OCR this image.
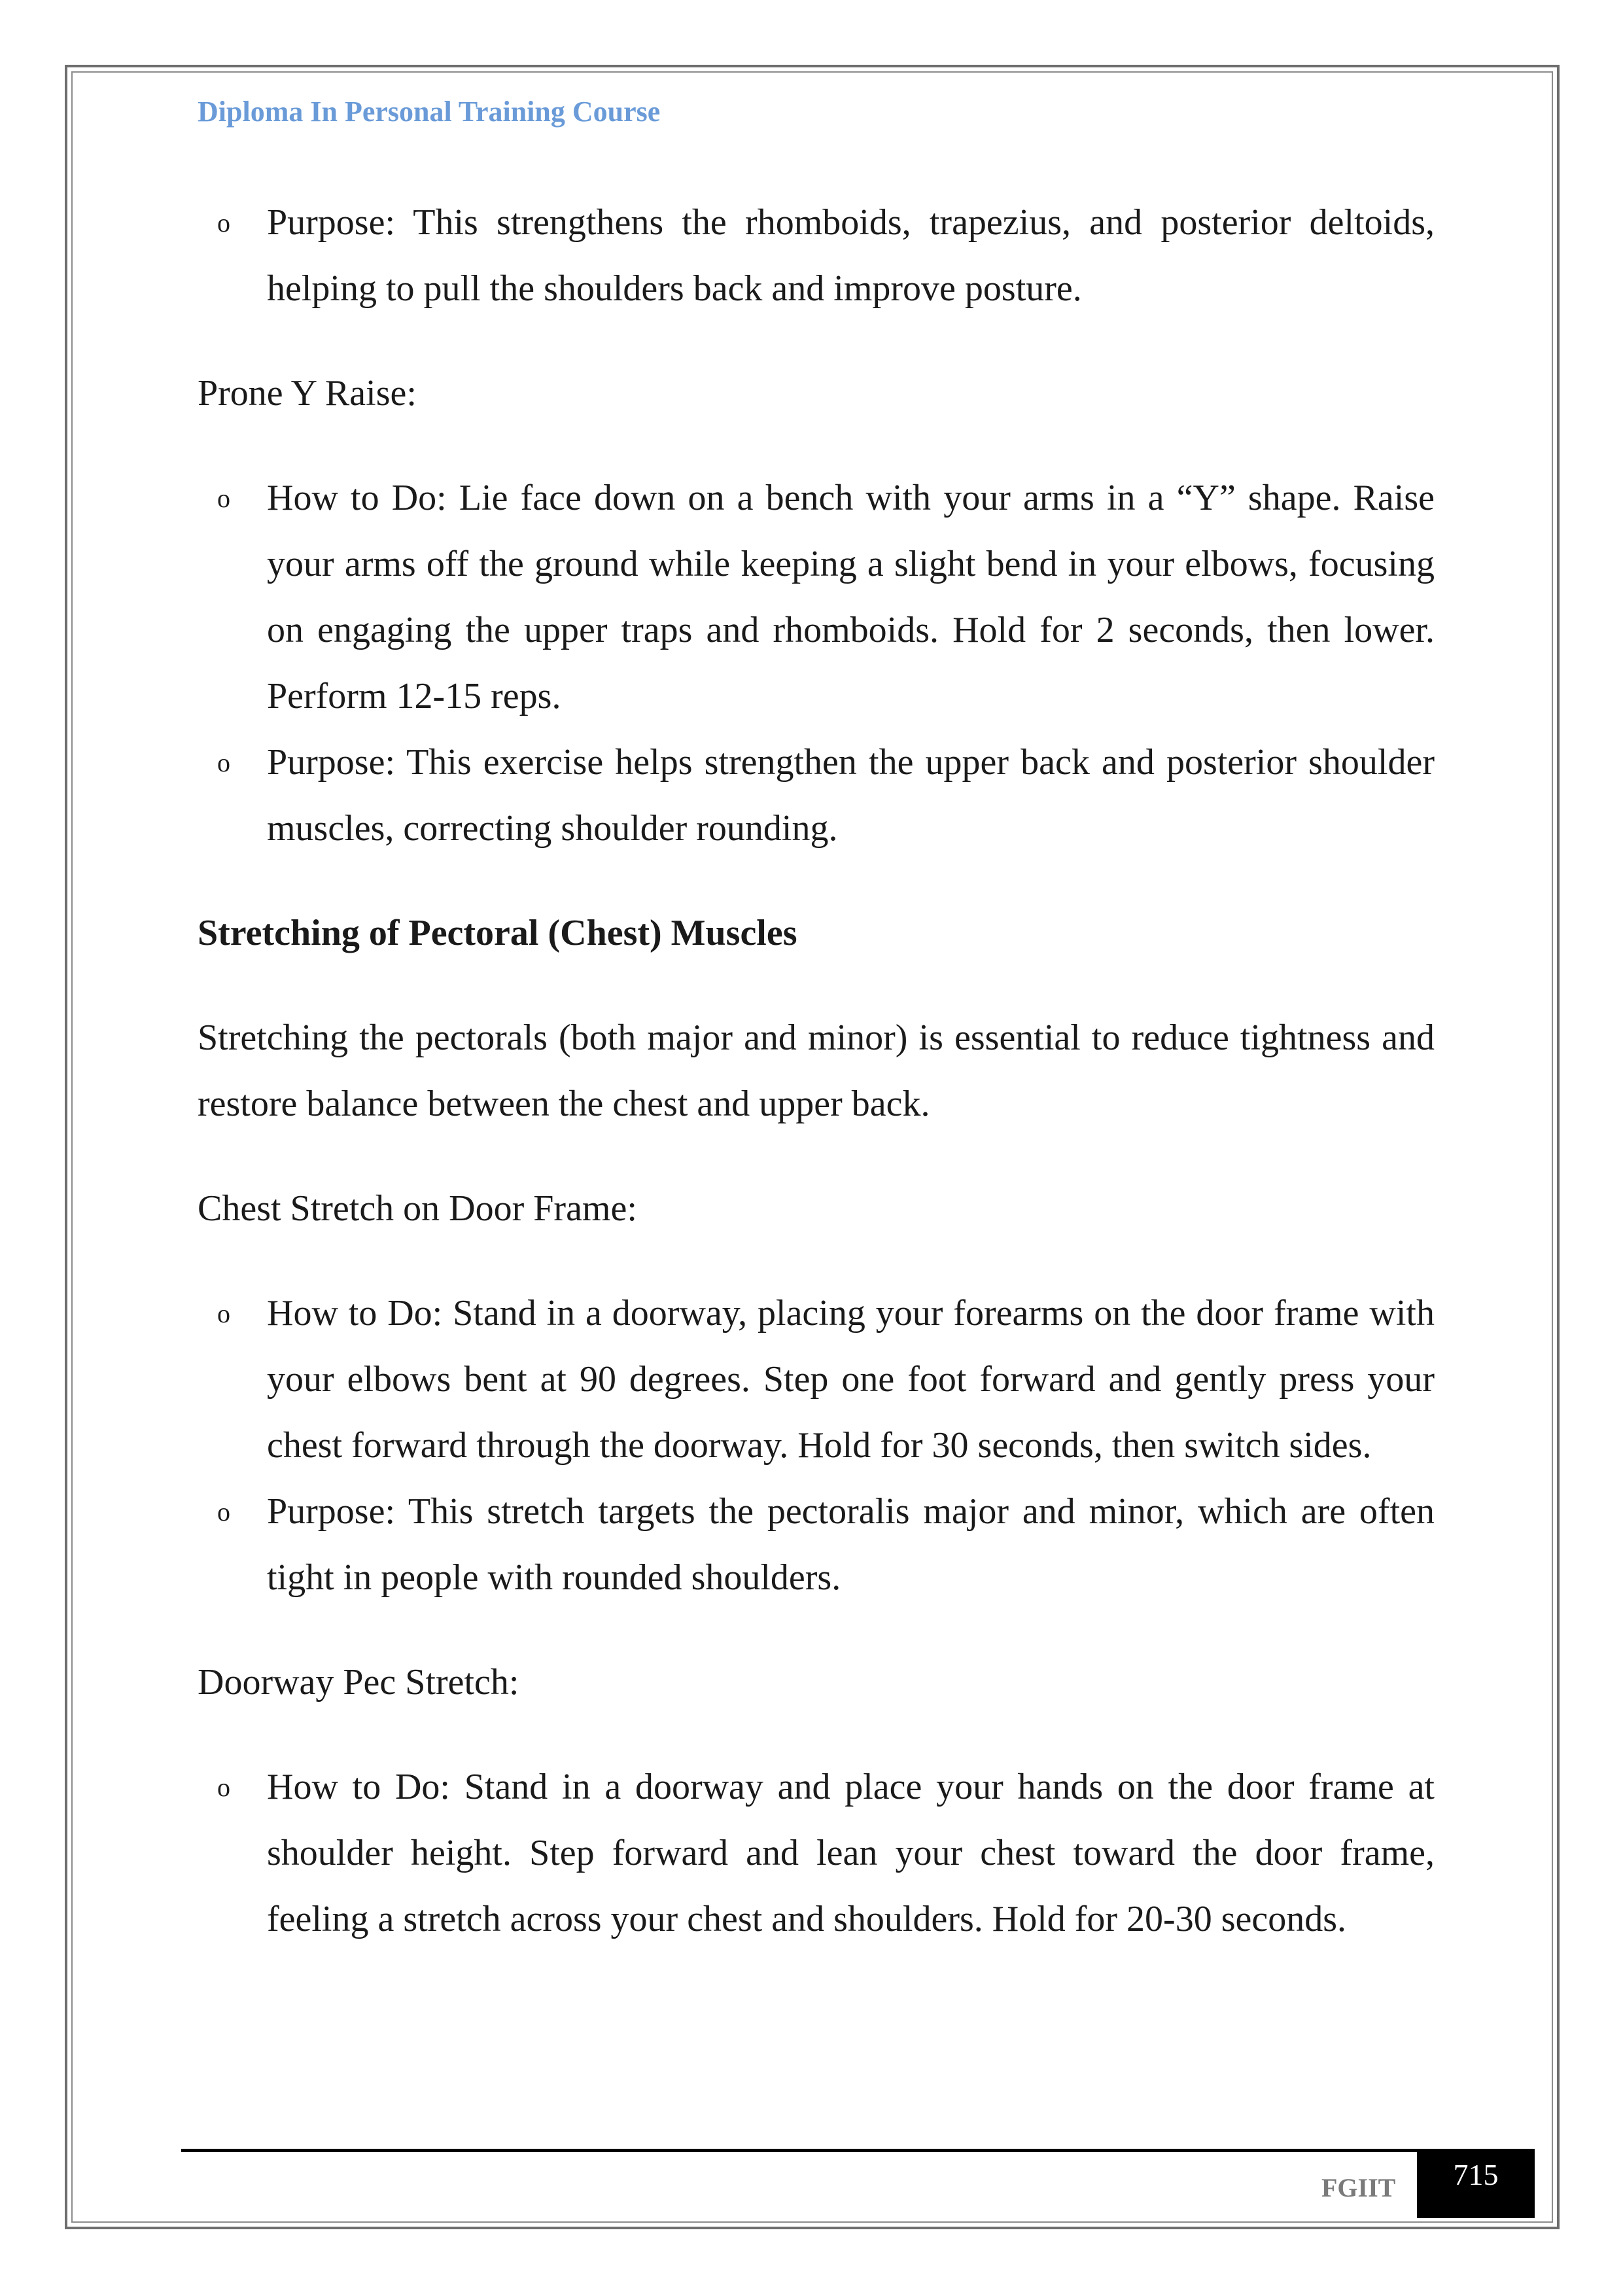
Diploma In Personal Training Course
o Purpose: This strengthens the rhomboids, trapezius, and posterior deltoids, helping to pull the shoulders back and improve posture.
Prone Y Raise:
o How to Do: Lie face down on a bench with your arms in a “Y” shape. Raise your arms off the ground while keeping a slight bend in your elbows, focusing on engaging the upper traps and rhomboids. Hold for 2 seconds, then lower. Perform 12-15 reps.
o Purpose: This exercise helps strengthen the upper back and posterior shoulder muscles, correcting shoulder rounding.
Stretching of Pectoral (Chest) Muscles
Stretching the pectorals (both major and minor) is essential to reduce tightness and restore balance between the chest and upper back.
Chest Stretch on Door Frame:
o How to Do: Stand in a doorway, placing your forearms on the door frame with your elbows bent at 90 degrees. Step one foot forward and gently press your chest forward through the doorway. Hold for 30 seconds, then switch sides.
o Purpose: This stretch targets the pectoralis major and minor, which are often tight in people with rounded shoulders.
Doorway Pec Stretch:
o How to Do: Stand in a doorway and place your hands on the door frame at shoulder height. Step forward and lean your chest toward the door frame, feeling a stretch across your chest and shoulders. Hold for 20-30 seconds.
FGIIT	715
